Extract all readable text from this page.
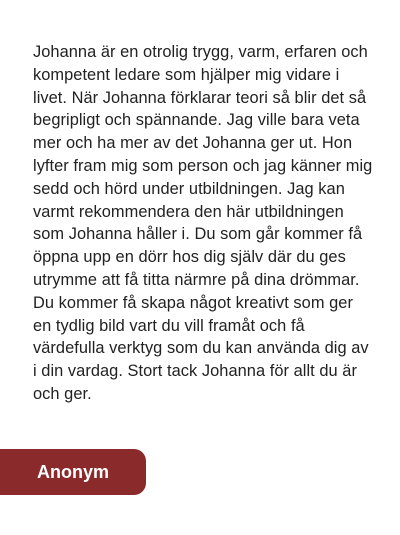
Johanna är en otrolig trygg, varm, erfaren och kompetent ledare som hjälper mig vidare i livet. När Johanna förklarar teori så blir det så begripligt och spännande. Jag ville bara veta mer och ha mer av det Johanna ger ut. Hon lyfter fram mig som person och jag känner mig sedd och hörd under utbildningen. Jag kan varmt rekommendera den här utbildningen som Johanna håller i. Du som går kommer få öppna upp en dörr hos dig själv där du ges utrymme att få titta närmre på dina drömmar. Du kommer få skapa något kreativt som ger en tydlig bild vart du vill framåt och få värdefulla verktyg som du kan använda dig av i din vardag. Stort tack Johanna för allt du är och ger.

Anonym
